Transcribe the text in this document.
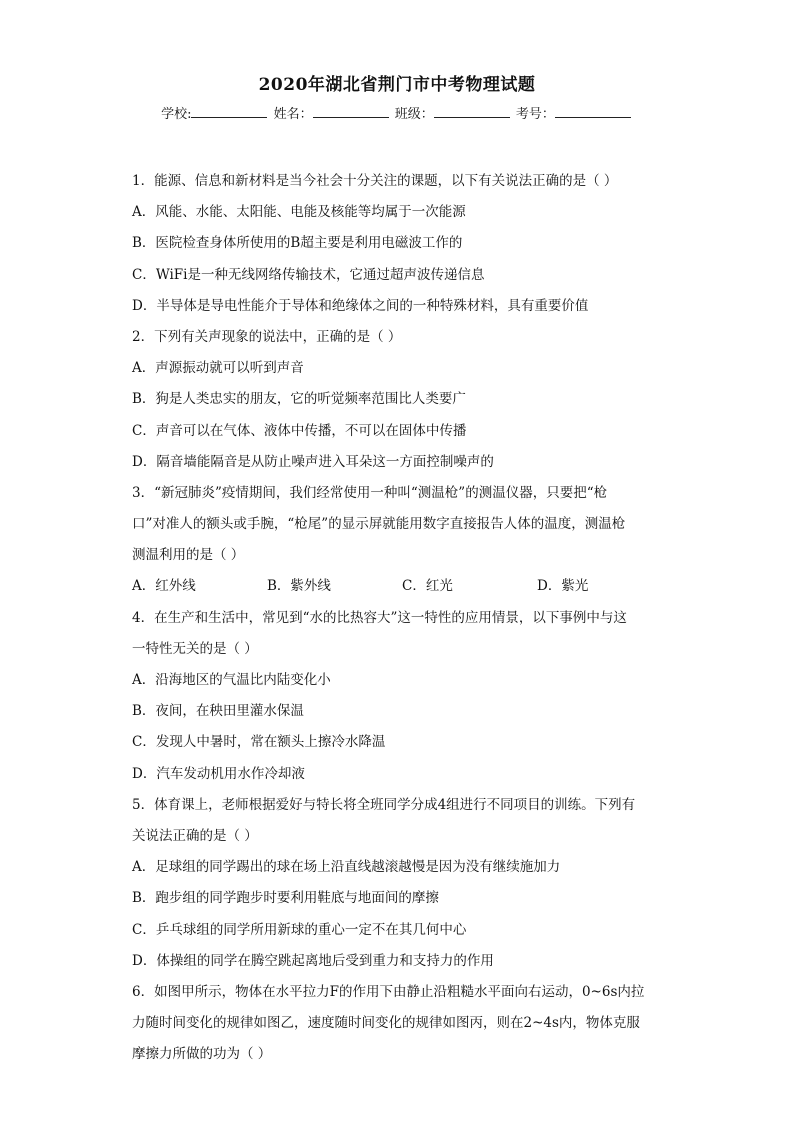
2020年湖北省荆门市中考物理试题
学校:	姓名：	班级：	考号：
1．能源、信息和新材料是当今社会十分关注的课题，以下有关说法正确的是（ ）
A．风能、水能、太阳能、电能及核能等均属于一次能源
B．医院检查身体所使用的B超主要是利用电磁波工作的
C．WiFi是一种无线网络传输技术，它通过超声波传递信息
D．半导体是导电性能介于导体和绝缘体之间的一种特殊材料，具有重要价值
2．下列有关声现象的说法中，正确的是（ ）
A．声源振动就可以听到声音
B．狗是人类忠实的朋友，它的听觉频率范围比人类要广
C．声音可以在气体、液体中传播，不可以在固体中传播
D．隔音墙能隔音是从防止噪声进入耳朵这一方面控制噪声的
3．“新冠肺炎”疫情期间，我们经常使用一种叫“测温枪”的测温仪器，只要把“枪
口”对准人的额头或手腕，“枪尾”的显示屏就能用数字直接报告人体的温度，测温枪
测温利用的是（ ）
A．红外线	B．紫外线	C．红光	D．紫光
4．在生产和生活中，常见到“水的比热容大”这一特性的应用情景，以下事例中与这
一特性无关的是（ ）
A．沿海地区的气温比内陆变化小
B．夜间，在秧田里灌水保温
C．发现人中暑时，常在额头上擦冷水降温
D．汽车发动机用水作冷却液
5．体育课上，老师根据爱好与特长将全班同学分成4组进行不同项目的训练。下列有
关说法正确的是（ ）
A．足球组的同学踢出的球在场上沿直线越滚越慢是因为没有继续施加力
B．跑步组的同学跑步时要利用鞋底与地面间的摩擦
C．乒乓球组的同学所用新球的重心一定不在其几何中心
D．体操组的同学在腾空跳起离地后受到重力和支持力的作用
6．如图甲所示，物体在水平拉力F的作用下由静止沿粗糙水平面向右运动，0~6s内拉
力随时间变化的规律如图乙，速度随时间变化的规律如图丙，则在2~4s内，物体克服
摩擦力所做的功为（ ）
